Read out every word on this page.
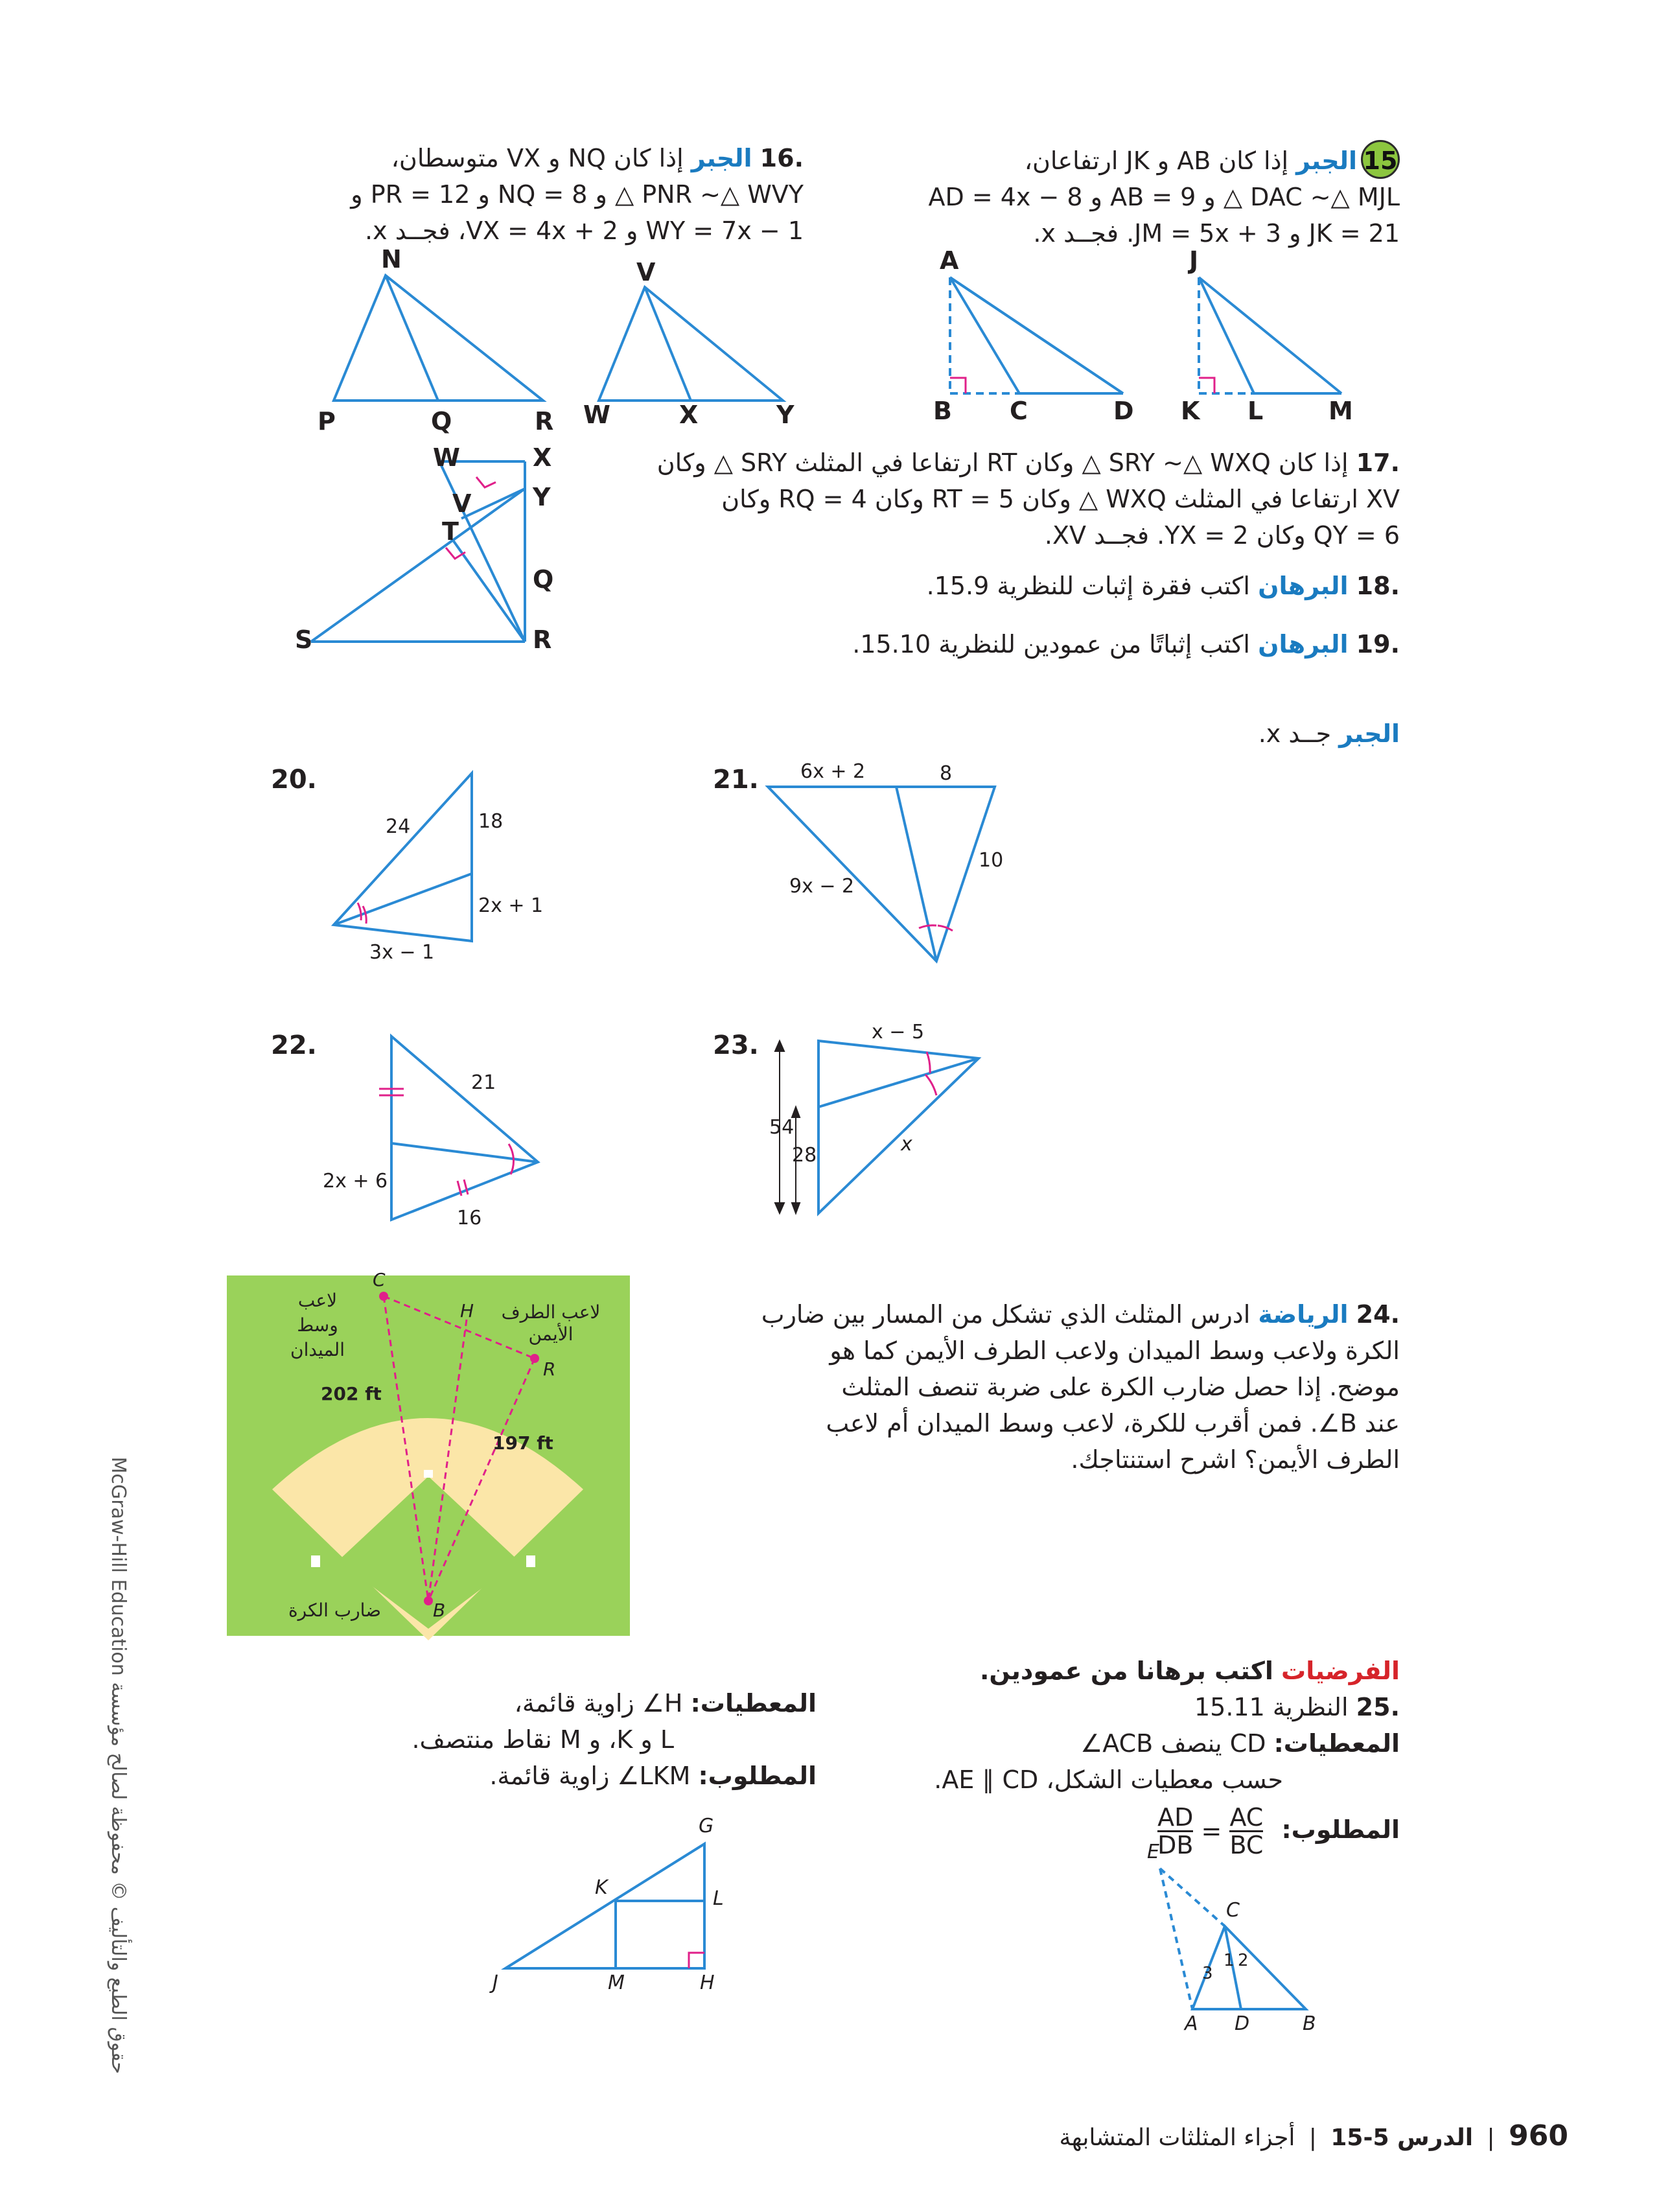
15الجبر إذا كان AB و JK ارتفاعان،
DAC ~△ MJL △ و AB = 9 و AD = 4x − 8
JK = 21 و JM = 5x + 3. فجــد x.
.16 الجبر إذا كان NQ و VX متوسطان،
PNR ~△ WVY △ و NQ = 8 و PR = 12 و
WY = 7x − 1 و VX = 4x + 2، فجــد x.
N
P	Q	R
V
W	X	Y
A
B C	D
J
K L	M
.17 إذا كان SRY ~△ WXQ △ وكان RT ارتفاعا في المثلث SRY △ وكان
XV ارتفاعا في المثلث WXQ △ وكان RT = 5 وكان RQ = 4 وكان
QY = 6 وكان YX = 2. فجــد XV.
W	X
V Y
T
Q
S	R
.18 البرهان اكتب فقرة إثبات للنظرية 15.9.
.19 البرهان اكتب إثباتًا من عمودين للنظرية 15.10.
الجبر جــد x.
20.
24	18
2x + 1
3x − 1
21. 6x + 2	8
10
9x − 2
22.
21
2x + 6
16
23.	x − 5
54
28	x
لاعب وسط الميدان
لاعب الطرف الأيمن
ضارب الكرة
C
H
R
B
202 ft
197 ft
.24 الرياضة ادرس المثلث الذي تشكل من المسار بين ضارب
الكرة ولاعب وسط الميدان ولاعب الطرف الأيمن كما هو
موضح. إذا حصل ضارب الكرة على ضربة تنصف المثلث
عند B∠. فمن أقرب للكرة، لاعب وسط الميدان أم لاعب
الطرف الأيمن؟ اشرح استنتاجك.
الفرضيات اكتب برهانا من عمودين.
.25 النظرية 15.11
المعطيات: CD ينصف ACB∠
حسب معطيات الشكل، AE ∥ CD.
المطلوب:
$\frac{AC}{BC}$
=
$\frac{AD}{DB}$
E
C
1 2
3
A D	B
المعطيات: H∠ زاوية قائمة،
L و K، و M نقاط منتصف.
المطلوب: LKM∠ زاوية قائمة.
G
K	L
J	M	H
حقوق الطبع والتأليف © محفوظة لصالح مؤسسة McGraw-Hill Education
960 | الدرس 5-15 | أجزاء المثلثات المتشابهة
